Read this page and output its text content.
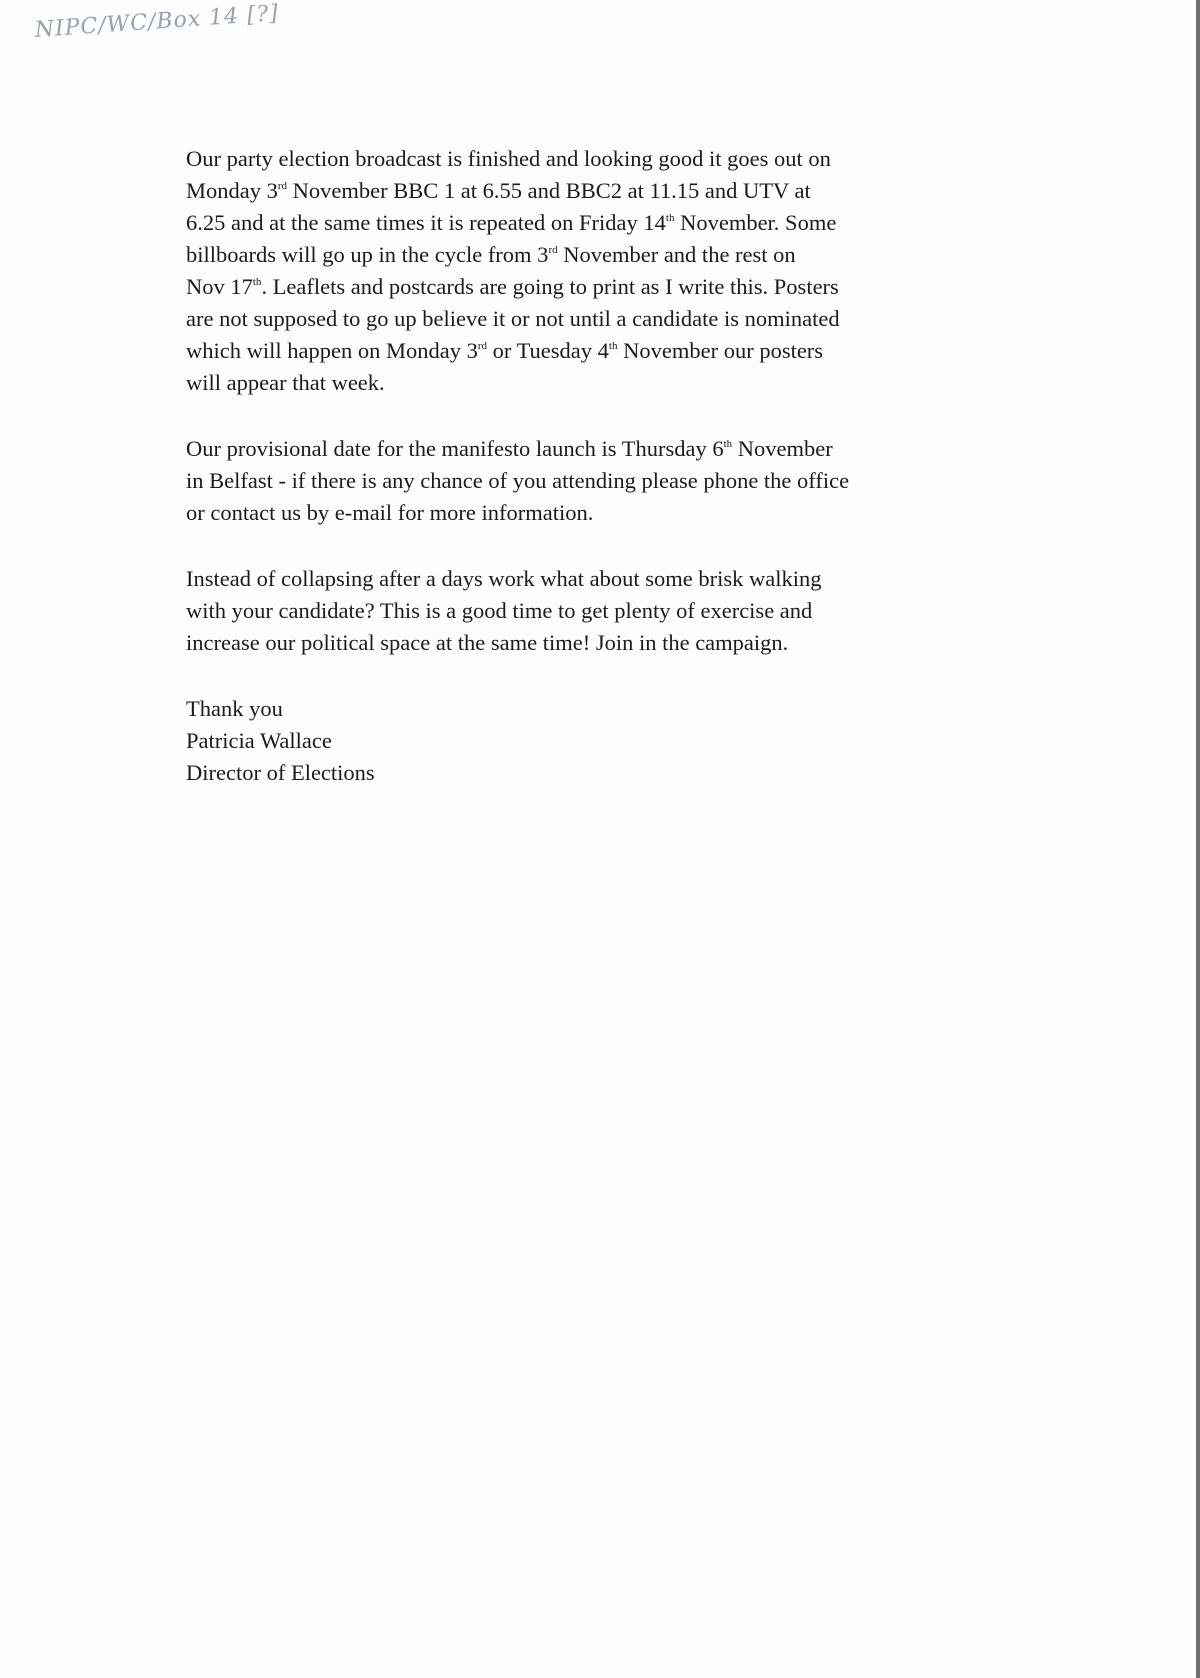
NIPC/WC/Box 14 [?]
Our party election broadcast is finished and looking good it goes out on
Monday 3rd November BBC 1 at 6.55 and BBC2 at 11.15 and UTV at
6.25 and at the same times it is repeated on Friday 14th November. Some
billboards will go up in the cycle from 3rd November and the rest on
Nov 17th. Leaflets and postcards are going to print as I write this. Posters
are not supposed to go up believe it or not until a candidate is nominated
which will happen on Monday 3rd or Tuesday 4th November our posters
will appear that week.
Our provisional date for the manifesto launch is Thursday 6th November
in Belfast - if there is any chance of you attending please phone the office
or contact us by e-mail for more information.
Instead of collapsing after a days work what about some brisk walking
with your candidate? This is a good time to get plenty of exercise and
increase our political space at the same time! Join in the campaign.
Thank you
Patricia Wallace
Director of Elections
